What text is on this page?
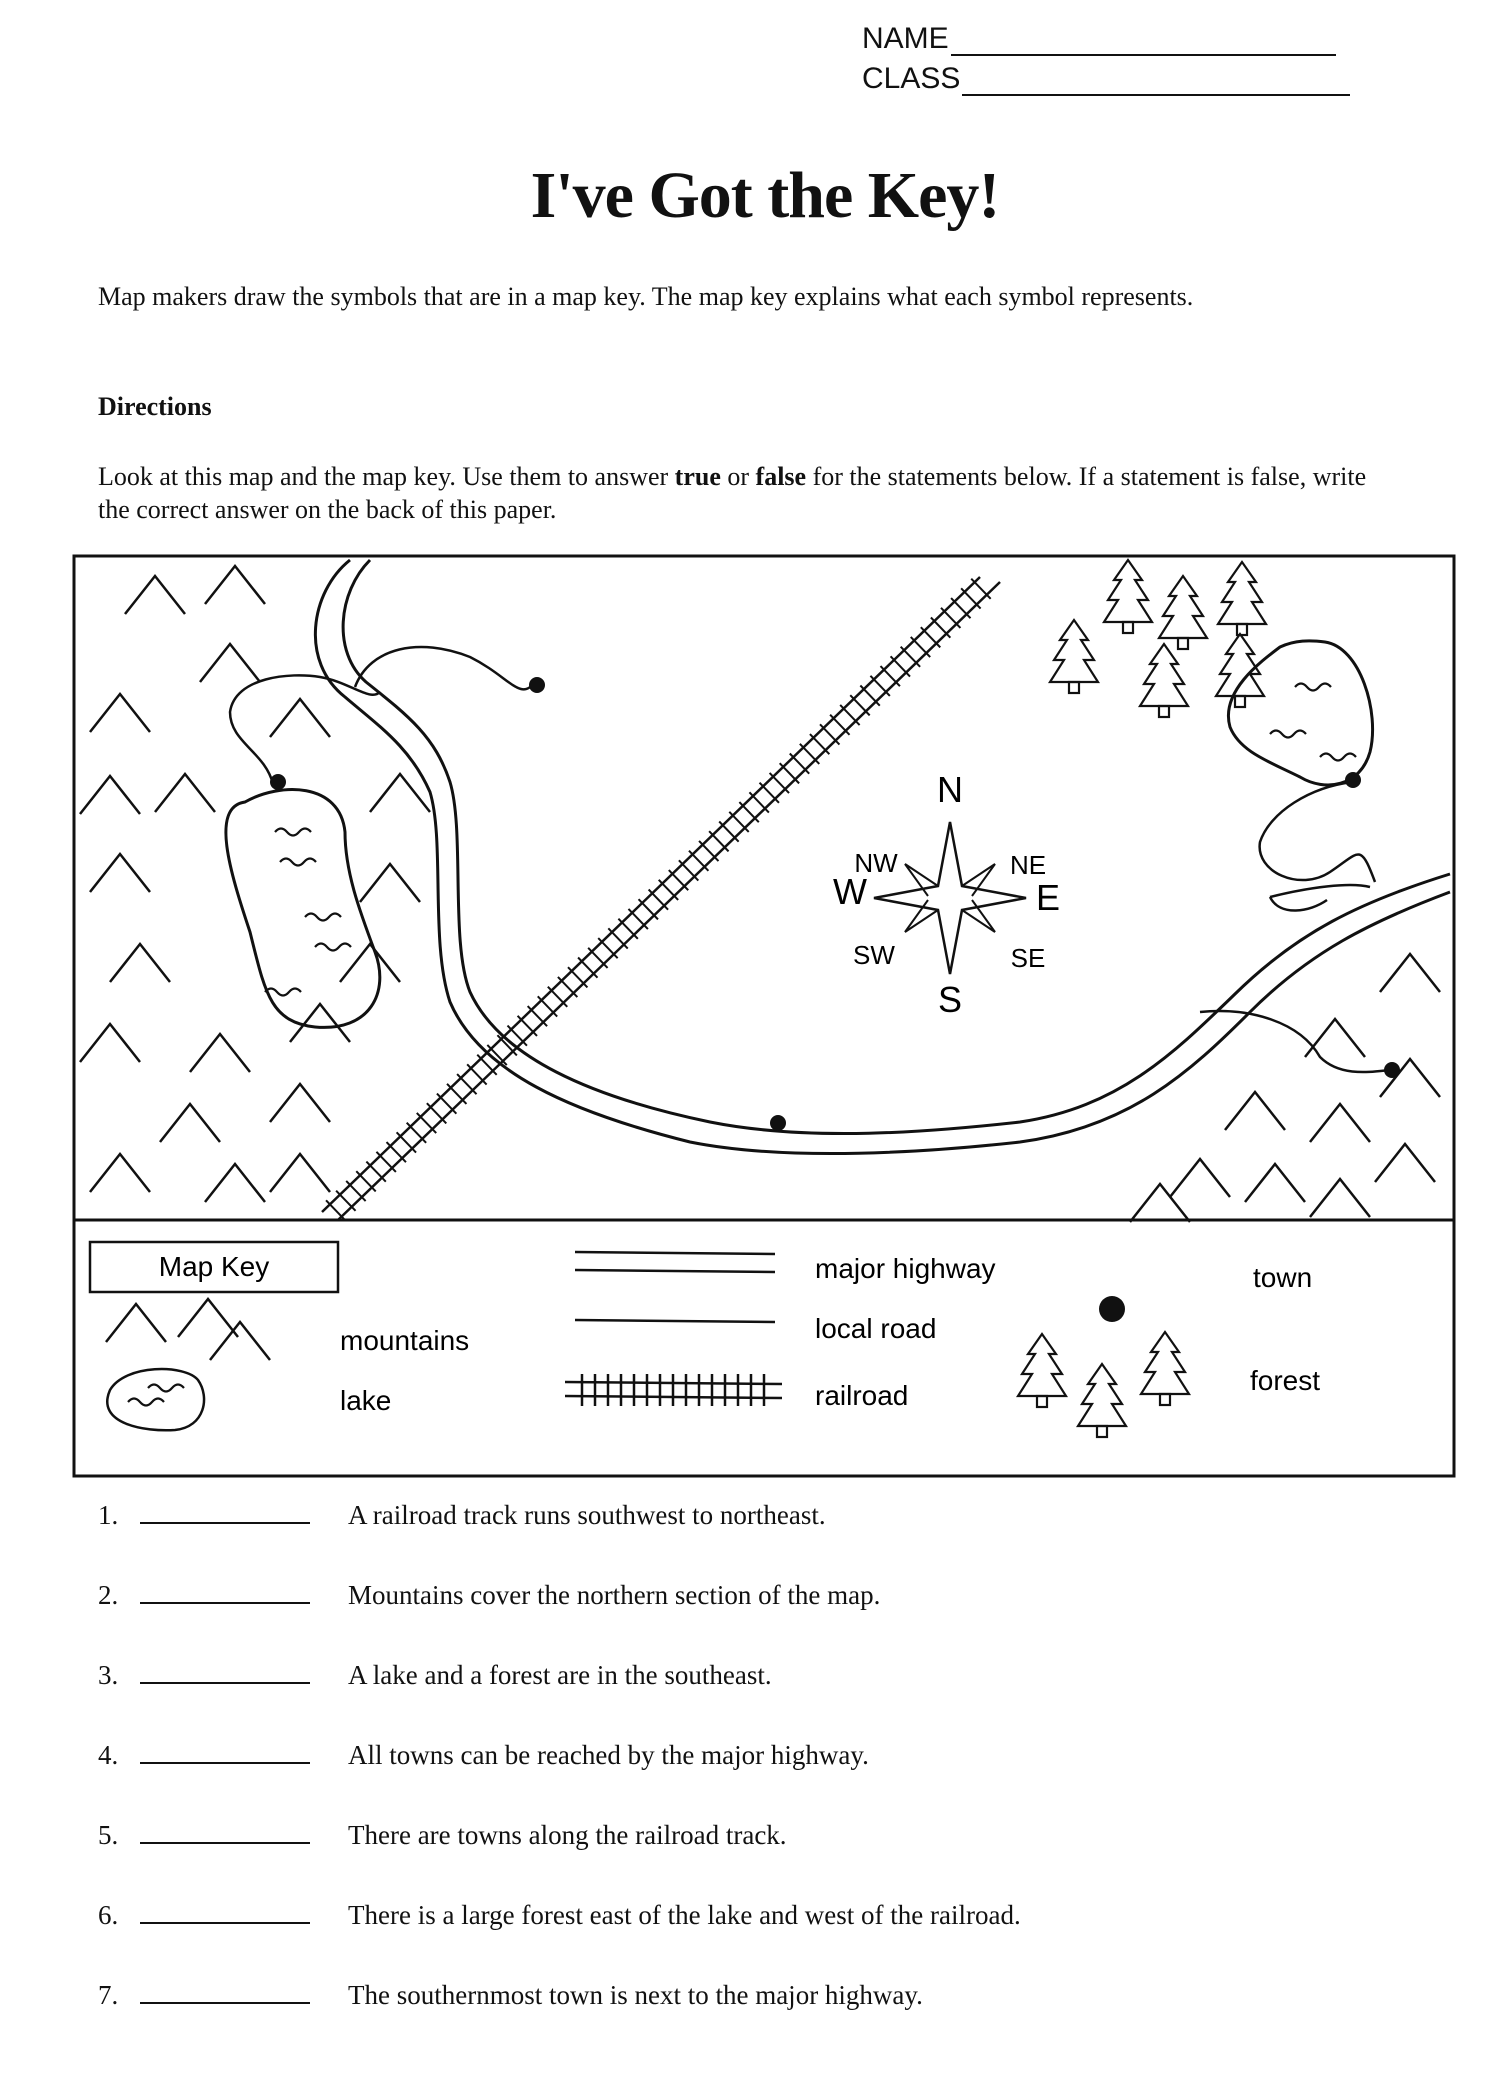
NAME
CLASS
I've Got the Key!
Map makers draw the symbols that are in a map key. The map key explains what each symbol represents.
Directions
Look at this map and the map key. Use them to answer true or false for the statements below. If a statement is false, write the correct answer on the back of this paper.
N
S
E
W
NE
NW
SE
SW
Map Key
mountains
lake
major highway
local road
railroad
town
forest
1.	A railroad track runs southwest to northeast.
2.	Mountains cover the northern section of the map.
3.	A lake and a forest are in the southeast.
4.	All towns can be reached by the major highway.
5.	There are towns along the railroad track.
6.	There is a large forest east of the lake and west of the railroad.
7.	The southernmost town is next to the major highway.
